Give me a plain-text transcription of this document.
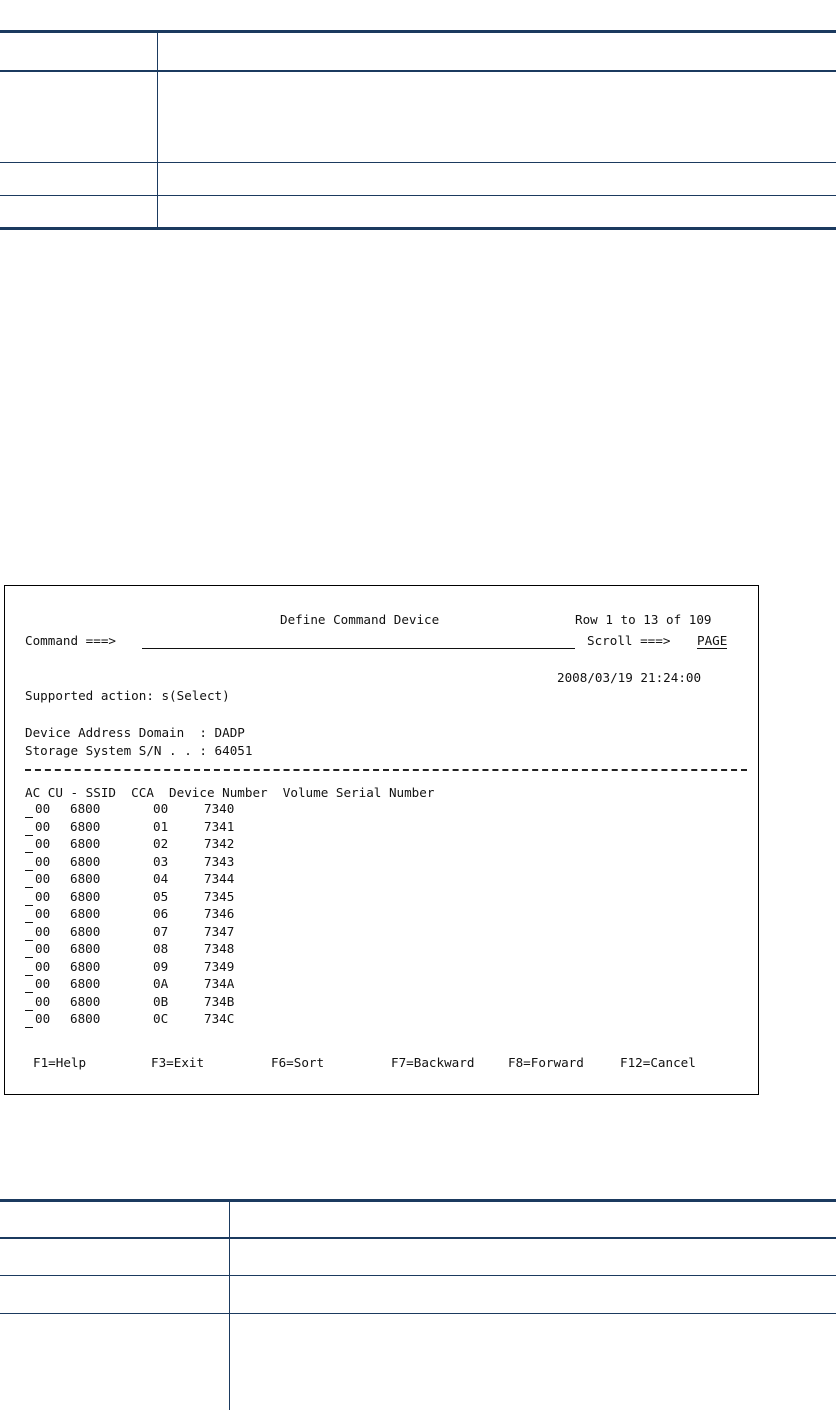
Define Command Device	Row 1 to 13 of 109
Command ===>	Scroll ===> PAGE
2008/03/19 21:24:00
Supported action: s(Select)
Device Address Domain  : DADP
Storage System S/N . . : 64051
AC CU - SSID  CCA  Device Number  Volume Serial Number
00 6800	00	7340
00 6800	01	7341
00 6800	02	7342
00 6800	03	7343
00 6800	04	7344
00 6800	05	7345
00 6800	06	7346
00 6800	07	7347
00 6800	08	7348
00 6800	09	7349
00 6800	0A	734A
00 6800	0B	734B
00 6800	0C	734C
F1=Help	F3=Exit	F6=Sort	F7=Backward	F8=Forward	F12=Cancel
